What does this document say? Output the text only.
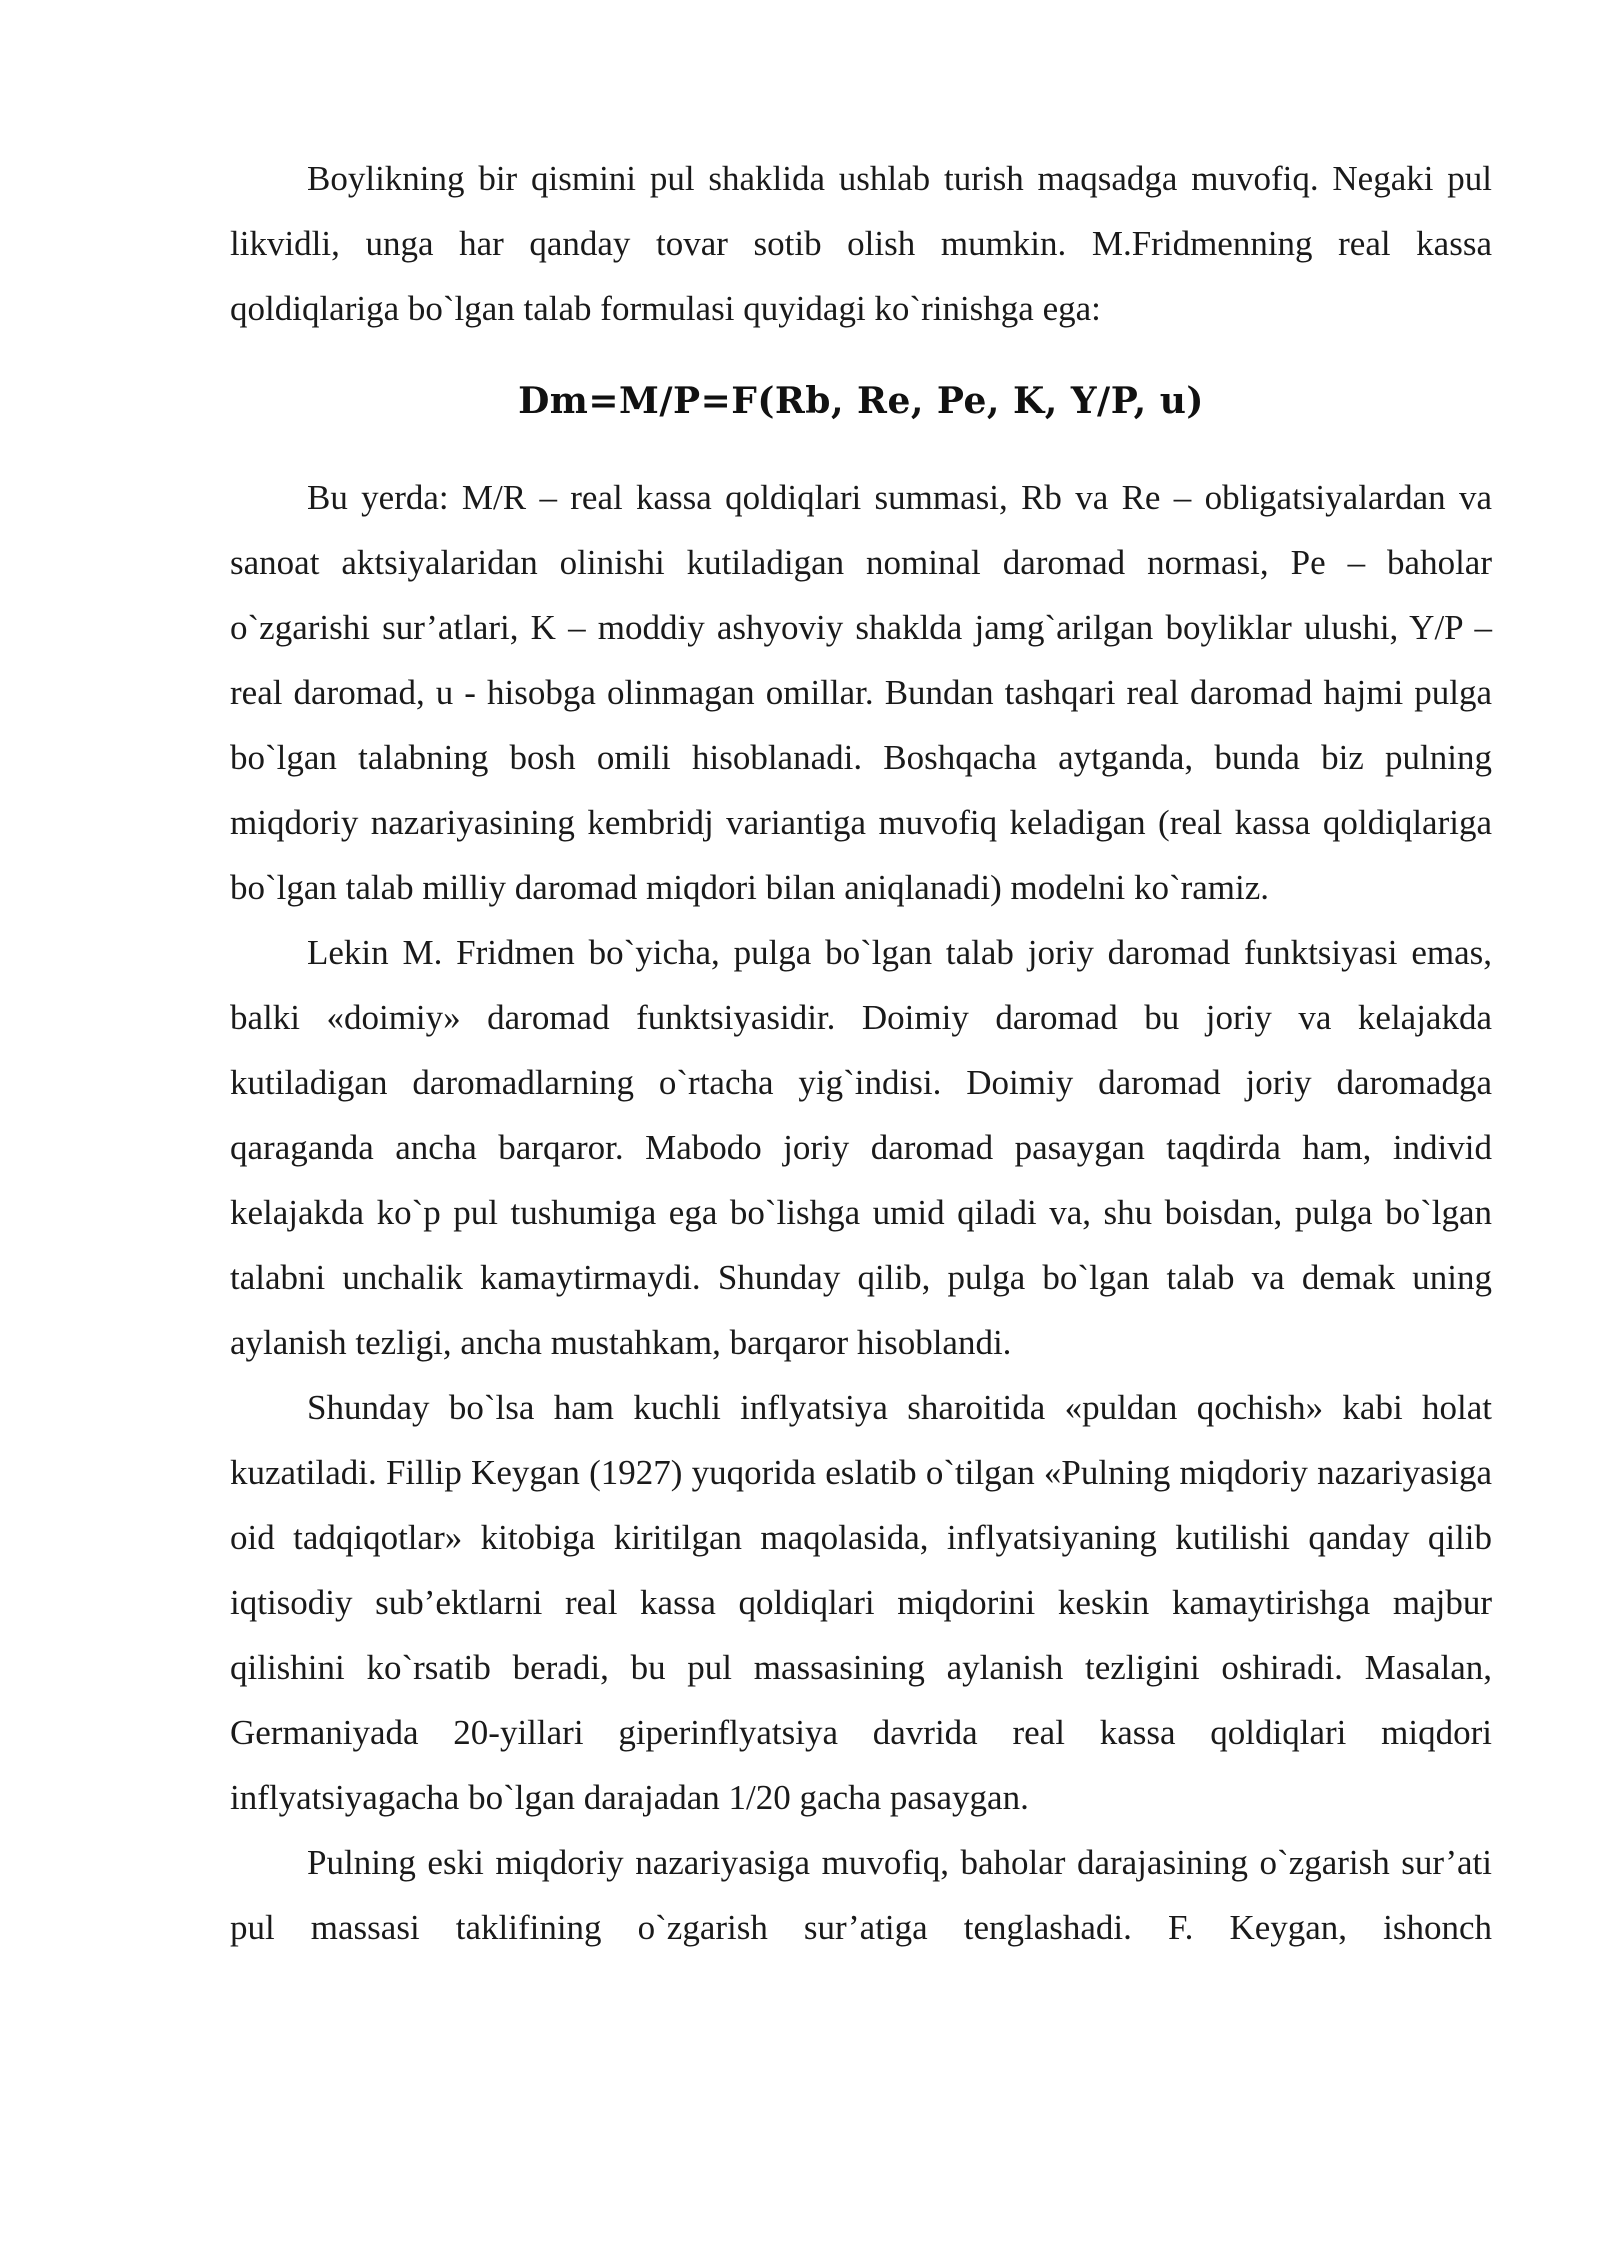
Boylikning bir qismini pul shaklida ushlab turish maqsadga muvofiq. Negaki pul likvidli, unga har qanday tovar sotib olish mumkin. M.Fridmenning real kassa qoldiqlariga bo`lgan talab formulasi quyidagi ko`rinishga ega:

Dm=M/P=F(Rb, Re, Pe, K, Y/P, u)

Bu yerda: M/R – real kassa qoldiqlari summasi, Rb va Re – obligatsiyalardan va sanoat aktsiyalaridan olinishi kutiladigan nominal daromad normasi, Pe – baholar o`zgarishi sur’atlari, K – moddiy ashyoviy shaklda jamg`arilgan boyliklar ulushi, Y/P – real daromad, u - hisobga olinmagan omillar. Bundan tashqari real daromad hajmi pulga bo`lgan talabning bosh omili hisoblanadi. Boshqacha aytganda, bunda biz pulning miqdoriy nazariyasining kembridj variantiga muvofiq keladigan (real kassa qoldiqlariga bo`lgan talab milliy daromad miqdori bilan aniqlanadi) modelni ko`ramiz.

Lekin M. Fridmen bo`yicha, pulga bo`lgan talab joriy daromad funktsiyasi emas, balki «doimiy» daromad funktsiyasidir. Doimiy daromad bu joriy va kelajakda kutiladigan daromadlarning o`rtacha yig`indisi. Doimiy daromad joriy daromadga qaraganda ancha barqaror. Mabodo joriy daromad pasaygan taqdirda ham, individ kelajakda ko`p pul tushumiga ega bo`lishga umid qiladi va, shu boisdan, pulga bo`lgan talabni unchalik kamaytirmaydi. Shunday qilib, pulga bo`lgan talab va demak uning aylanish tezligi, ancha mustahkam, barqaror hisoblandi.

Shunday bo`lsa ham kuchli inflyatsiya sharoitida «puldan qochish» kabi holat kuzatiladi. Fillip Keygan (1927) yuqorida eslatib o`tilgan «Pulning miqdoriy nazariyasiga oid tadqiqotlar» kitobiga kiritilgan maqolasida, inflyatsiyaning kutilishi qanday qilib iqtisodiy sub’ektlarni real kassa qoldiqlari miqdorini keskin kamaytirishga majbur qilishini ko`rsatib beradi, bu pul massasining aylanish tezligini oshiradi. Masalan, Germaniyada 20-yillari giperinflyatsiya davrida real kassa qoldiqlari miqdori inflyatsiyagacha bo`lgan darajadan 1/20 gacha pasaygan.

Pulning eski miqdoriy nazariyasiga muvofiq, baholar darajasining o`zgarish sur’ati pul massasi taklifining o`zgarish sur’atiga tenglashadi. F. Keygan, ishonch
